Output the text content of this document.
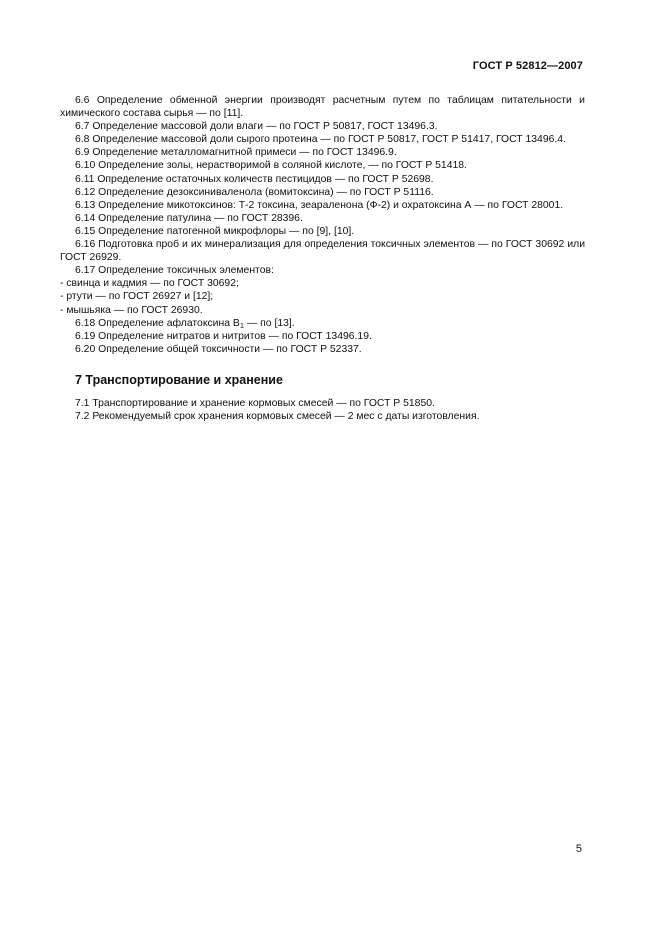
ГОСТ Р 52812—2007

6.6 Определение обменной энергии производят расчетным путем по таблицам питательности и химического состава сырья — по [11].

6.7 Определение массовой доли влаги — по ГОСТ Р 50817, ГОСТ 13496.3.

6.8 Определение массовой доли сырого протеина — по ГОСТ Р 50817, ГОСТ Р 51417, ГОСТ 13496.4.

6.9 Определение металломагнитной примеси — по ГОСТ 13496.9.

6.10 Определение золы, нерастворимой в соляной кислоте, — по ГОСТ Р 51418.

6.11 Определение остаточных количеств пестицидов — по ГОСТ Р 52698.

6.12 Определение дезоксиниваленола (вомитоксина) — по ГОСТ Р 51116.

6.13 Определение микотоксинов: Т-2 токсина, зеараленона (Ф-2) и охратоксина А — по ГОСТ 28001.

6.14 Определение патулина — по ГОСТ 28396.

6.15 Определение патогенной микрофлоры — по [9], [10].

6.16 Подготовка проб и их минерализация для определения токсичных элементов — по ГОСТ 30692 или ГОСТ 26929.

6.17 Определение токсичных элементов:

- свинца и кадмия — по ГОСТ 30692;

- ртути — по ГОСТ 26927 и [12];

- мышьяка — по ГОСТ 26930.

6.18 Определение афлатоксина $B_1$ — по [13].

6.19 Определение нитратов и нитритов — по ГОСТ 13496.19.

6.20 Определение общей токсичности — по ГОСТ Р 52337.

7 Транспортирование и хранение

7.1 Транспортирование и хранение кормовых смесей — по ГОСТ Р 51850.

7.2 Рекомендуемый срок хранения кормовых смесей — 2 мес с даты изготовления.

5
